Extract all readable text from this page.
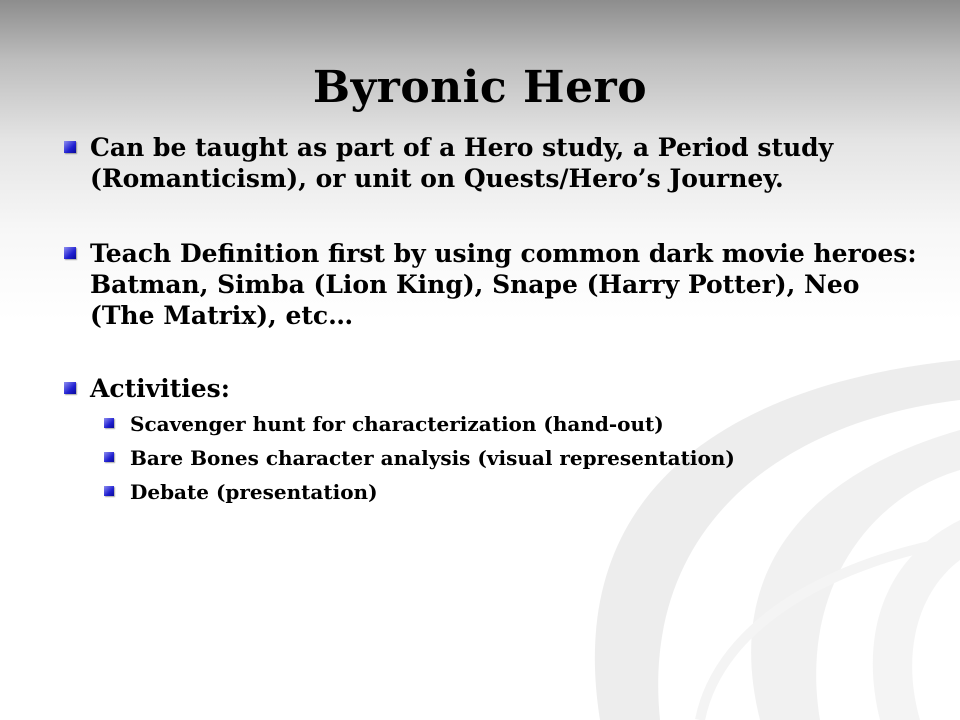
Byronic Hero
Can be taught as part of a Hero study, a Period study (Romanticism), or unit on Quests/Hero’s Journey.
Teach Definition first by using common dark movie heroes: Batman, Simba (Lion King), Snape (Harry Potter), Neo (The Matrix), etc…
Activities:
Scavenger hunt for characterization (hand-out)
Bare Bones character analysis (visual representation)
Debate (presentation)
